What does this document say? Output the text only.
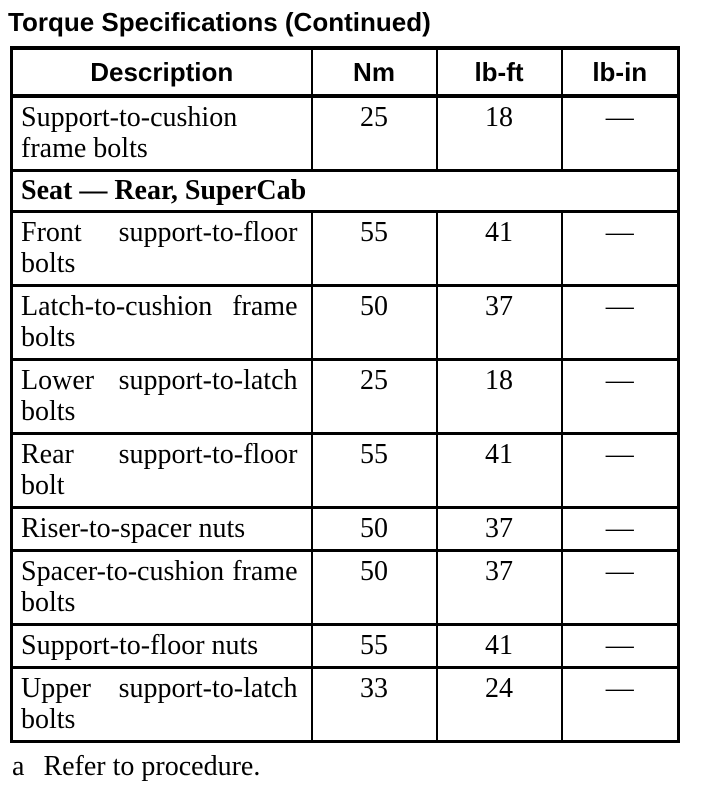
Torque Specifications (Continued)
Description	Nm	lb-ft	lb-in
Support-to-cushion frame bolts	25	18	—
Seat — Rear, SuperCab			
Front support-to-floor bolts	55	41	—
Latch-to-cushion frame bolts	50	37	—
Lower support-to-latch bolts	25	18	—
Rear support-to-floor bolt	55	41	—
Riser-to-spacer nuts	50	37	—
Spacer-to-cushion frame bolts	50	37	—
Support-to-floor nuts	55	41	—
Upper support-to-latch bolts	33	24	—
a Refer to procedure.
